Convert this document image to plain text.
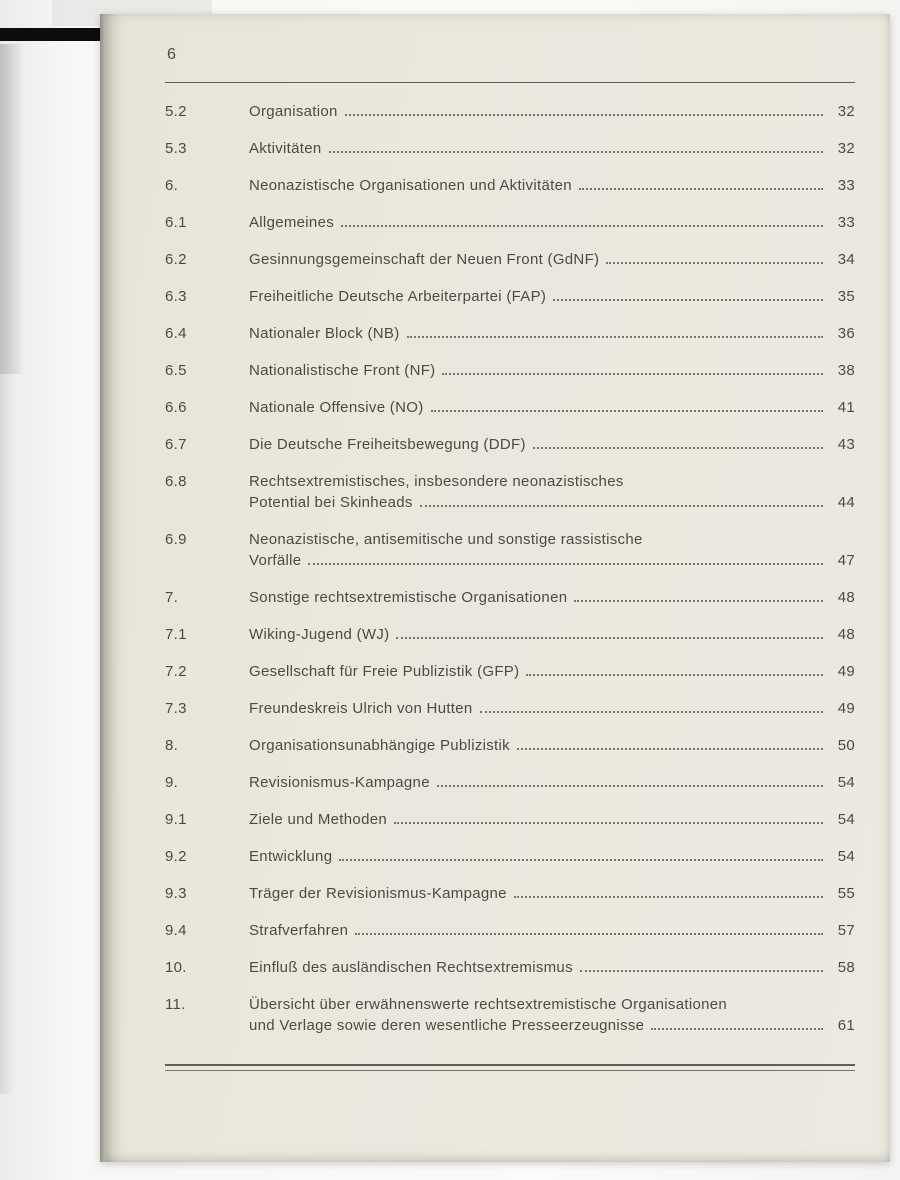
6
5.2	Organisation	32
5.3	Aktivitäten	32
6.	Neonazistische Organisationen und Aktivitäten	33
6.1	Allgemeines	33
6.2	Gesinnungsgemeinschaft der Neuen Front (GdNF)	34
6.3	Freiheitliche Deutsche Arbeiterpartei (FAP)	35
6.4	Nationaler Block (NB)	36
6.5	Nationalistische Front (NF)	38
6.6	Nationale Offensive (NO)	41
6.7	Die Deutsche Freiheitsbewegung (DDF)	43
6.8	Rechtsextremistisches, insbesondere neonazistisches
Potential bei Skinheads	44
6.9	Neonazistische, antisemitische und sonstige rassistische
Vorfälle	47
7.	Sonstige rechtsextremistische Organisationen	48
7.1	Wiking-Jugend (WJ)	48
7.2	Gesellschaft für Freie Publizistik (GFP)	49
7.3	Freundeskreis Ulrich von Hutten	49
8.	Organisationsunabhängige Publizistik	50
9.	Revisionismus-Kampagne	54
9.1	Ziele und Methoden	54
9.2	Entwicklung	54
9.3	Träger der Revisionismus-Kampagne	55
9.4	Strafverfahren	57
10.	Einfluß des ausländischen Rechtsextremismus	58
11.	Übersicht über erwähnenswerte rechtsextremistische Organisationen
und Verlage sowie deren wesentliche Presseerzeugnisse	61
